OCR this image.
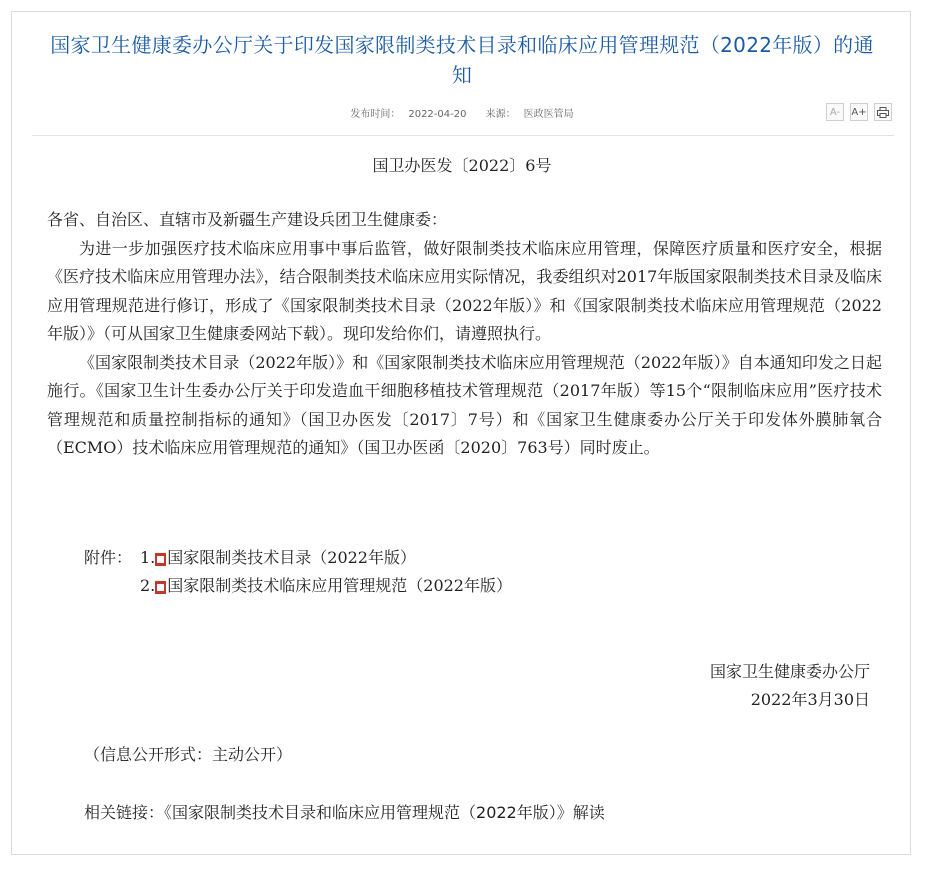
国家卫生健康委办公厅关于印发国家限制类技术目录和临床应用管理规范（2022年版）的通知
发布时间： 2022-04-20 来源： 医政医管局	A-	A+
国卫办医发〔2022〕6号

各省、自治区、直辖市及新疆生产建设兵团卫生健康委：

为进一步加强医疗技术临床应用事中事后监管，做好限制类技术临床应用管理，保障医疗质量和医疗安全，根据《医疗技术临床应用管理办法》，结合限制类技术临床应用实际情况，我委组织对2017年版国家限制类技术目录及临床应用管理规范进行修订，形成了《国家限制类技术目录（2022年版）》和《国家限制类技术临床应用管理规范（2022年版）》（可从国家卫生健康委网站下载）。现印发给你们，请遵照执行。

《国家限制类技术目录（2022年版）》和《国家限制类技术临床应用管理规范（2022年版）》自本通知印发之日起施行。《国家卫生计生委办公厅关于印发造血干细胞移植技术管理规范（2017年版）等15个“限制临床应用”医疗技术管理规范和质量控制指标的通知》（国卫办医发〔2017〕7号）和《国家卫生健康委办公厅关于印发体外膜肺氧合（ECMO）技术临床应用管理规范的通知》（国卫办医函〔2020〕763号）同时废止。

附件： 1. 国家限制类技术目录（2022年版）
2. 国家限制类技术临床应用管理规范（2022年版）
国家卫生健康委办公厅
2022年3月30日
（信息公开形式：主动公开）
相关链接：《国家限制类技术目录和临床应用管理规范（2022年版）》解读
